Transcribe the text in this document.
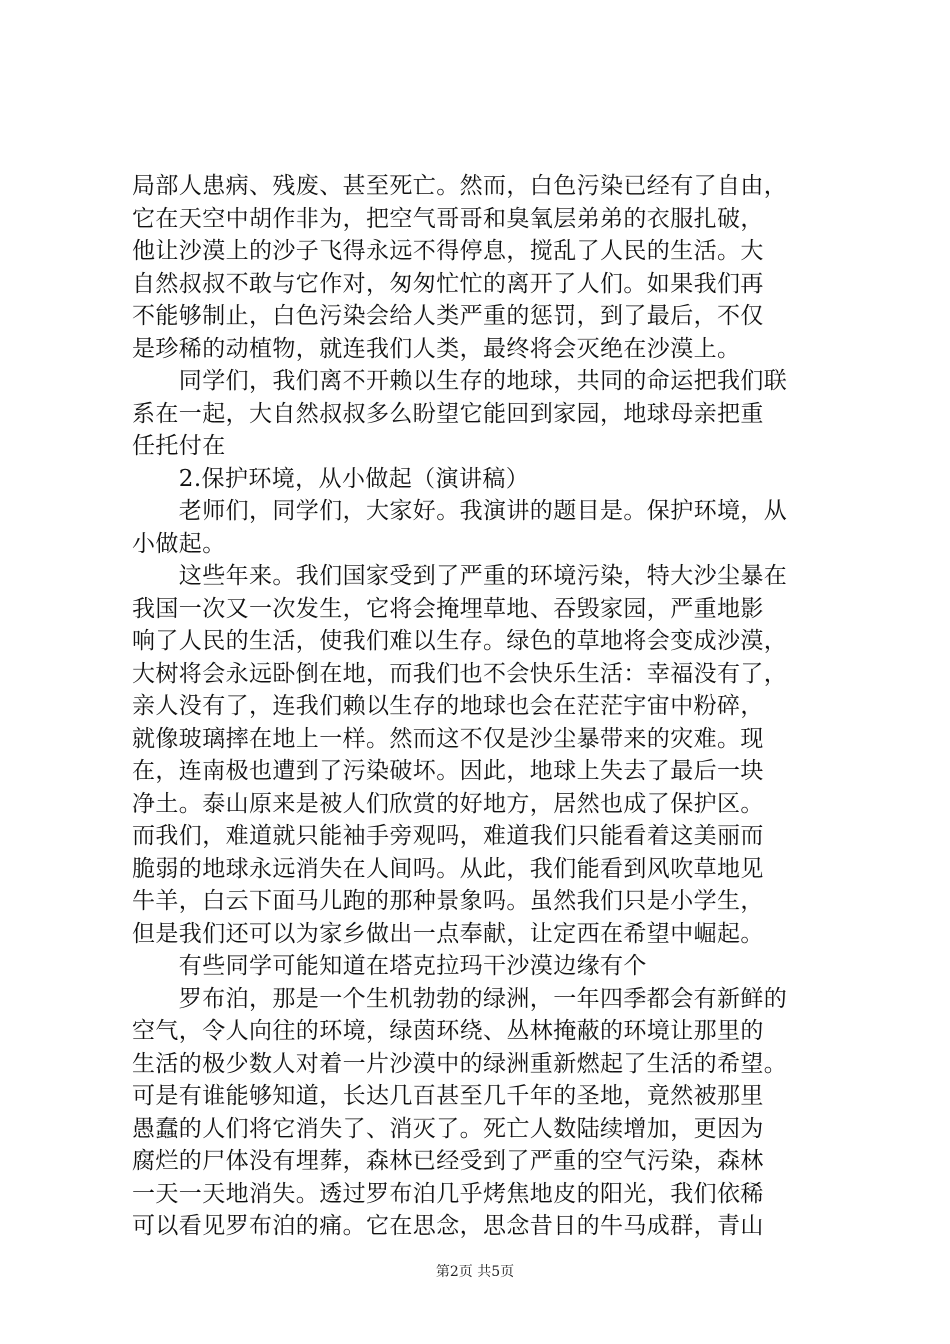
局部人患病、残废、甚至死亡。然而，白色污染已经有了自由，
它在天空中胡作非为，把空气哥哥和臭氧层弟弟的衣服扎破，
他让沙漠上的沙子飞得永远不得停息，搅乱了人民的生活。大
自然叔叔不敢与它作对，匆匆忙忙的离开了人们。如果我们再
不能够制止，白色污染会给人类严重的惩罚，到了最后，不仅
是珍稀的动植物，就连我们人类，最终将会灭绝在沙漠上。
　　同学们，我们离不开赖以生存的地球，共同的命运把我们联
系在一起，大自然叔叔多么盼望它能回到家园，地球母亲把重
任托付在
　　2.保护环境，从小做起（演讲稿）
　　老师们，同学们，大家好。我演讲的题目是。保护环境，从
小做起。
　　这些年来。我们国家受到了严重的环境污染，特大沙尘暴在
我国一次又一次发生，它将会掩埋草地、吞毁家园，严重地影
响了人民的生活，使我们难以生存。绿色的草地将会变成沙漠，
大树将会永远卧倒在地，而我们也不会快乐生活：幸福没有了，
亲人没有了，连我们赖以生存的地球也会在茫茫宇宙中粉碎，
就像玻璃摔在地上一样。然而这不仅是沙尘暴带来的灾难。现
在，连南极也遭到了污染破坏。因此，地球上失去了最后一块
净土。泰山原来是被人们欣赏的好地方，居然也成了保护区。
而我们，难道就只能袖手旁观吗，难道我们只能看着这美丽而
脆弱的地球永远消失在人间吗。从此，我们能看到风吹草地见
牛羊，白云下面马儿跑的那种景象吗。虽然我们只是小学生，
但是我们还可以为家乡做出一点奉献，让定西在希望中崛起。
　　有些同学可能知道在塔克拉玛干沙漠边缘有个
　　罗布泊，那是一个生机勃勃的绿洲，一年四季都会有新鲜的
空气，令人向往的环境，绿茵环绕、丛林掩蔽的环境让那里的
生活的极少数人对着一片沙漠中的绿洲重新燃起了生活的希望。
可是有谁能够知道，长达几百甚至几千年的圣地，竟然被那里
愚蠢的人们将它消失了、消灭了。死亡人数陆续增加，更因为
腐烂的尸体没有埋葬，森林已经受到了严重的空气污染，森林
一天一天地消失。透过罗布泊几乎烤焦地皮的阳光，我们依稀
可以看见罗布泊的痛。它在思念，思念昔日的牛马成群，青山
第2页 共5页
